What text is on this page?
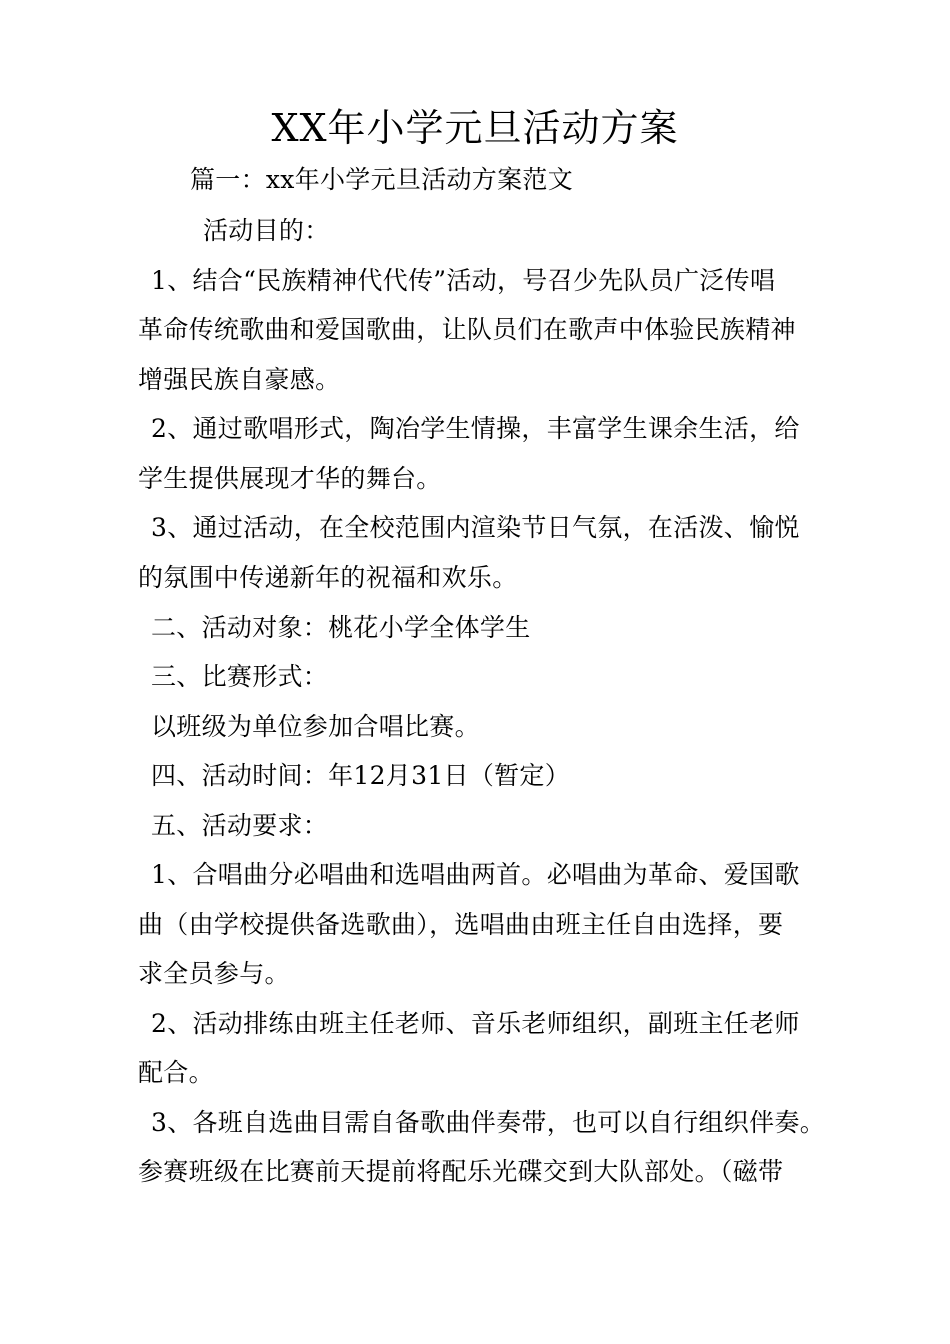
XX年小学元旦活动方案
篇一：xx年小学元旦活动方案范文
活动目的：
1、结合“民族精神代代传”活动，号召少先队员广泛传唱
革命传统歌曲和爱国歌曲，让队员们在歌声中体验民族精神
增强民族自豪感。
2、通过歌唱形式，陶冶学生情操，丰富学生课余生活，给
学生提供展现才华的舞台。
3、通过活动，在全校范围内渲染节日气氛，在活泼、愉悦
的氛围中传递新年的祝福和欢乐。
二、活动对象：桃花小学全体学生
三、比赛形式：
以班级为单位参加合唱比赛。
四、活动时间：年12月31日（暂定）
五、活动要求：
1、合唱曲分必唱曲和选唱曲两首。必唱曲为革命、爱国歌
曲（由学校提供备选歌曲），选唱曲由班主任自由选择，要
求全员参与。
2、活动排练由班主任老师、音乐老师组织，副班主任老师
配合。
3、各班自选曲目需自备歌曲伴奏带，也可以自行组织伴奏。
参赛班级在比赛前天提前将配乐光碟交到大队部处。（磁带
